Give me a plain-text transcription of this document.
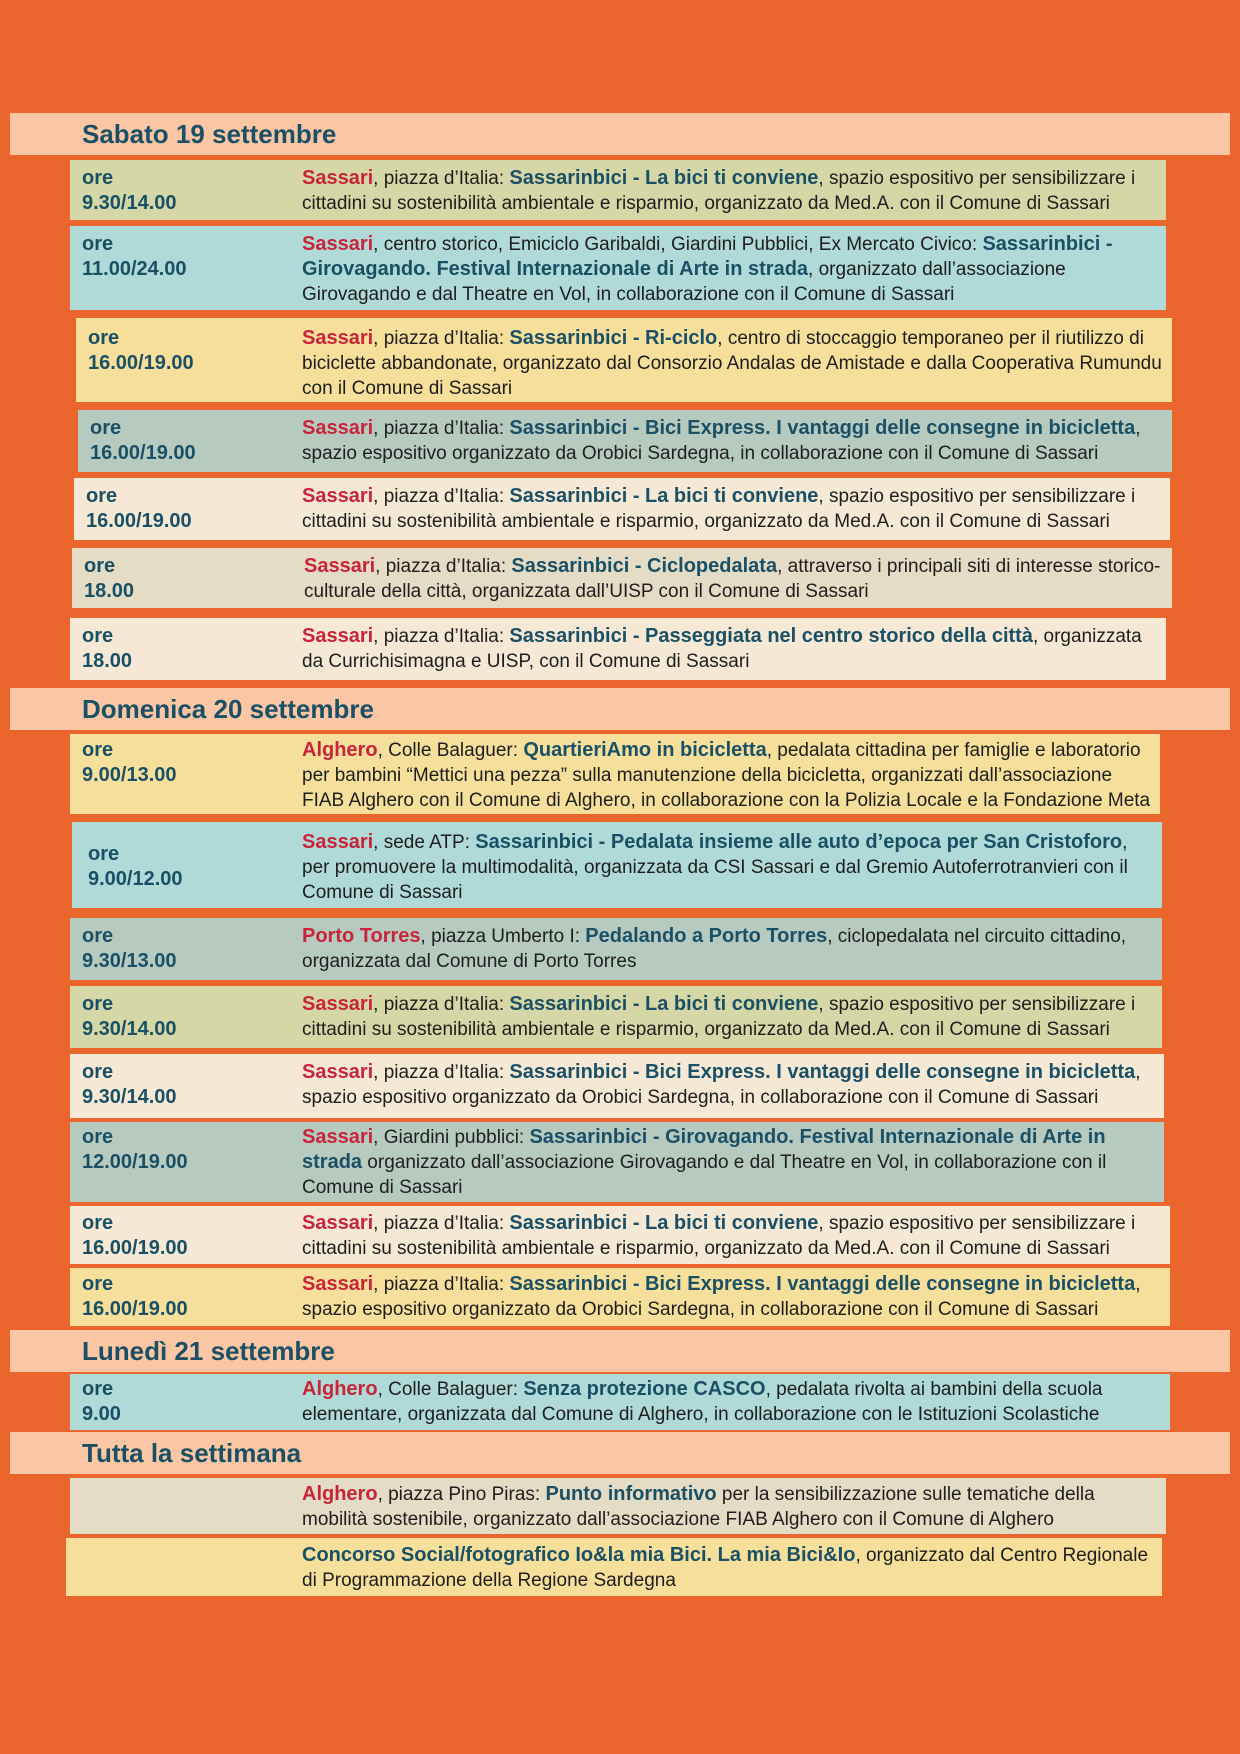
Sabato 19 settembre
ore
9.30/14.00
Sassari, piazza d’Italia: Sassarinbici - La bici ti conviene, spazio espositivo per sensibilizzare i cittadini su sostenibilità ambientale e risparmio, organizzato da Med.A. con il Comune di Sassari
ore
11.00/24.00
Sassari, centro storico, Emiciclo Garibaldi, Giardini Pubblici, Ex Mercato Civico: Sassarinbici - Girovagando. Festival Internazionale di Arte in strada, organizzato dall’associazione Girovagando e dal Theatre en Vol, in collaborazione con il Comune di Sassari
ore
16.00/19.00
Sassari, piazza d’Italia: Sassarinbici - Ri-ciclo, centro di stoccaggio temporaneo per il riutilizzo di biciclette abbandonate, organizzato dal Consorzio Andalas de Amistade e dalla Cooperativa Rumundu con il Comune di Sassari
ore
16.00/19.00
Sassari, piazza d’Italia: Sassarinbici - Bici Express. I vantaggi delle consegne in bicicletta, spazio espositivo organizzato da Orobici Sardegna, in collaborazione con il Comune di Sassari
ore
16.00/19.00
Sassari, piazza d’Italia: Sassarinbici - La bici ti conviene, spazio espositivo per sensibilizzare i cittadini su sostenibilità ambientale e risparmio, organizzato da Med.A. con il Comune di Sassari
ore
18.00
Sassari, piazza d’Italia: Sassarinbici - Ciclopedalata, attraverso i principali siti di interesse storico-culturale della città, organizzata dall’UISP con il Comune di Sassari
ore
18.00
Sassari, piazza d’Italia: Sassarinbici - Passeggiata nel centro storico della città, organizzata da Currichisimagna e UISP, con il Comune di Sassari
Domenica 20 settembre
ore
9.00/13.00
Alghero, Colle Balaguer: QuartieriAmo in bicicletta, pedalata cittadina per famiglie e laboratorio per bambini “Mettici una pezza” sulla manutenzione della bicicletta, organizzati dall’associazione FIAB Alghero con il Comune di Alghero, in collaborazione con la Polizia Locale e la Fondazione Meta
ore
9.00/12.00
Sassari, sede ATP: Sassarinbici - Pedalata insieme alle auto d’epoca per San Cristoforo, per promuovere la multimodalità, organizzata da CSI Sassari e dal Gremio Autoferrotranvieri con il Comune di Sassari
ore
9.30/13.00
Porto Torres, piazza Umberto I: Pedalando a Porto Torres, ciclopedalata nel circuito cittadino, organizzata dal Comune di Porto Torres
ore
9.30/14.00
Sassari, piazza d’Italia: Sassarinbici - La bici ti conviene, spazio espositivo per sensibilizzare i cittadini su sostenibilità ambientale e risparmio, organizzato da Med.A. con il Comune di Sassari
ore
9.30/14.00
Sassari, piazza d’Italia: Sassarinbici - Bici Express. I vantaggi delle consegne in bicicletta, spazio espositivo organizzato da Orobici Sardegna, in collaborazione con il Comune di Sassari
ore
12.00/19.00
Sassari, Giardini pubblici: Sassarinbici - Girovagando. Festival Internazionale di Arte in strada organizzato dall’associazione Girovagando e dal Theatre en Vol, in collaborazione con il Comune di Sassari
ore
16.00/19.00
Sassari, piazza d’Italia: Sassarinbici - La bici ti conviene, spazio espositivo per sensibilizzare i cittadini su sostenibilità ambientale e risparmio, organizzato da Med.A. con il Comune di Sassari
ore
16.00/19.00
Sassari, piazza d’Italia: Sassarinbici - Bici Express. I vantaggi delle consegne in bicicletta, spazio espositivo organizzato da Orobici Sardegna, in collaborazione con il Comune di Sassari
Lunedì 21 settembre
ore
9.00
Alghero, Colle Balaguer: Senza protezione CASCO, pedalata rivolta ai bambini della scuola elementare, organizzata dal Comune di Alghero, in collaborazione con le Istituzioni Scolastiche
Tutta la settimana
Alghero, piazza Pino Piras: Punto informativo per la sensibilizzazione sulle tematiche della mobilità sostenibile, organizzato dall’associazione FIAB Alghero con il Comune di Alghero
Concorso Social/fotografico Io&la mia Bici. La mia Bici&Io, organizzato dal Centro Regionale di Programmazione della Regione Sardegna
